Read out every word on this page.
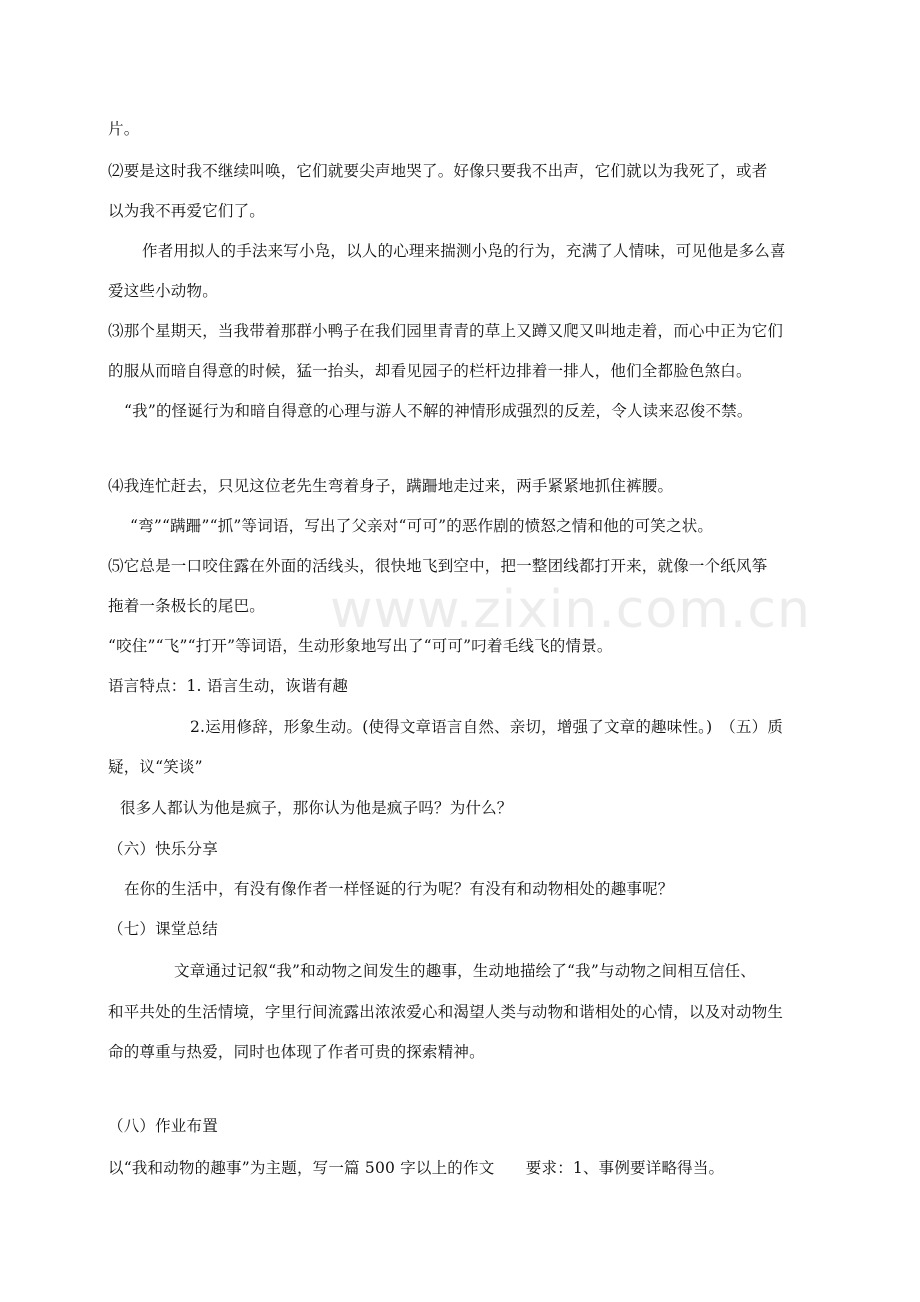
www.zixin.com.cn
片。
⑵要是这时我不继续叫唤，它们就要尖声地哭了。好像只要我不出声，它们就以为我死了，或者
以为我不再爱它们了。
作者用拟人的手法来写小凫，以人的心理来揣测小凫的行为，充满了人情味，可见他是多么喜
爱这些小动物。
⑶那个星期天，当我带着那群小鸭子在我们园里青青的草上又蹲又爬又叫地走着，而心中正为它们
的服从而暗自得意的时候，猛一抬头，却看见园子的栏杆边排着一排人，他们全都脸色煞白。
“我”的怪诞行为和暗自得意的心理与游人不解的神情形成强烈的反差，令人读来忍俊不禁。
⑷我连忙赶去，只见这位老先生弯着身子，蹒跚地走过来，两手紧紧地抓住裤腰。
“弯”“蹒跚”“抓”等词语，写出了父亲对“可可”的恶作剧的愤怒之情和他的可笑之状。
⑸它总是一口咬住露在外面的活线头，很快地飞到空中，把一整团线都打开来，就像一个纸风筝
拖着一条极长的尾巴。
“咬住”“飞”“打开”等词语，生动形象地写出了“可可”叼着毛线飞的情景。
语言特点：1. 语言生动，诙谐有趣
2.运用修辞，形象生动。(使得文章语言自然、亲切，增强了文章的趣味性。)　（五）质
疑，议“笑谈”
很多人都认为他是疯子，那你认为他是疯子吗？为什么？
（六）快乐分享
在你的生活中，有没有像作者一样怪诞的行为呢？有没有和动物相处的趣事呢？
（七）课堂总结
文章通过记叙“我”和动物之间发生的趣事，生动地描绘了“我”与动物之间相互信任、
和平共处的生活情境，字里行间流露出浓浓爱心和渴望人类与动物和谐相处的心情，以及对动物生
命的尊重与热爱，同时也体现了作者可贵的探索精神。
（八）作业布置
以“我和动物的趣事”为主题，写一篇 500 字以上的作文　　要求：1、事例要详略得当。
